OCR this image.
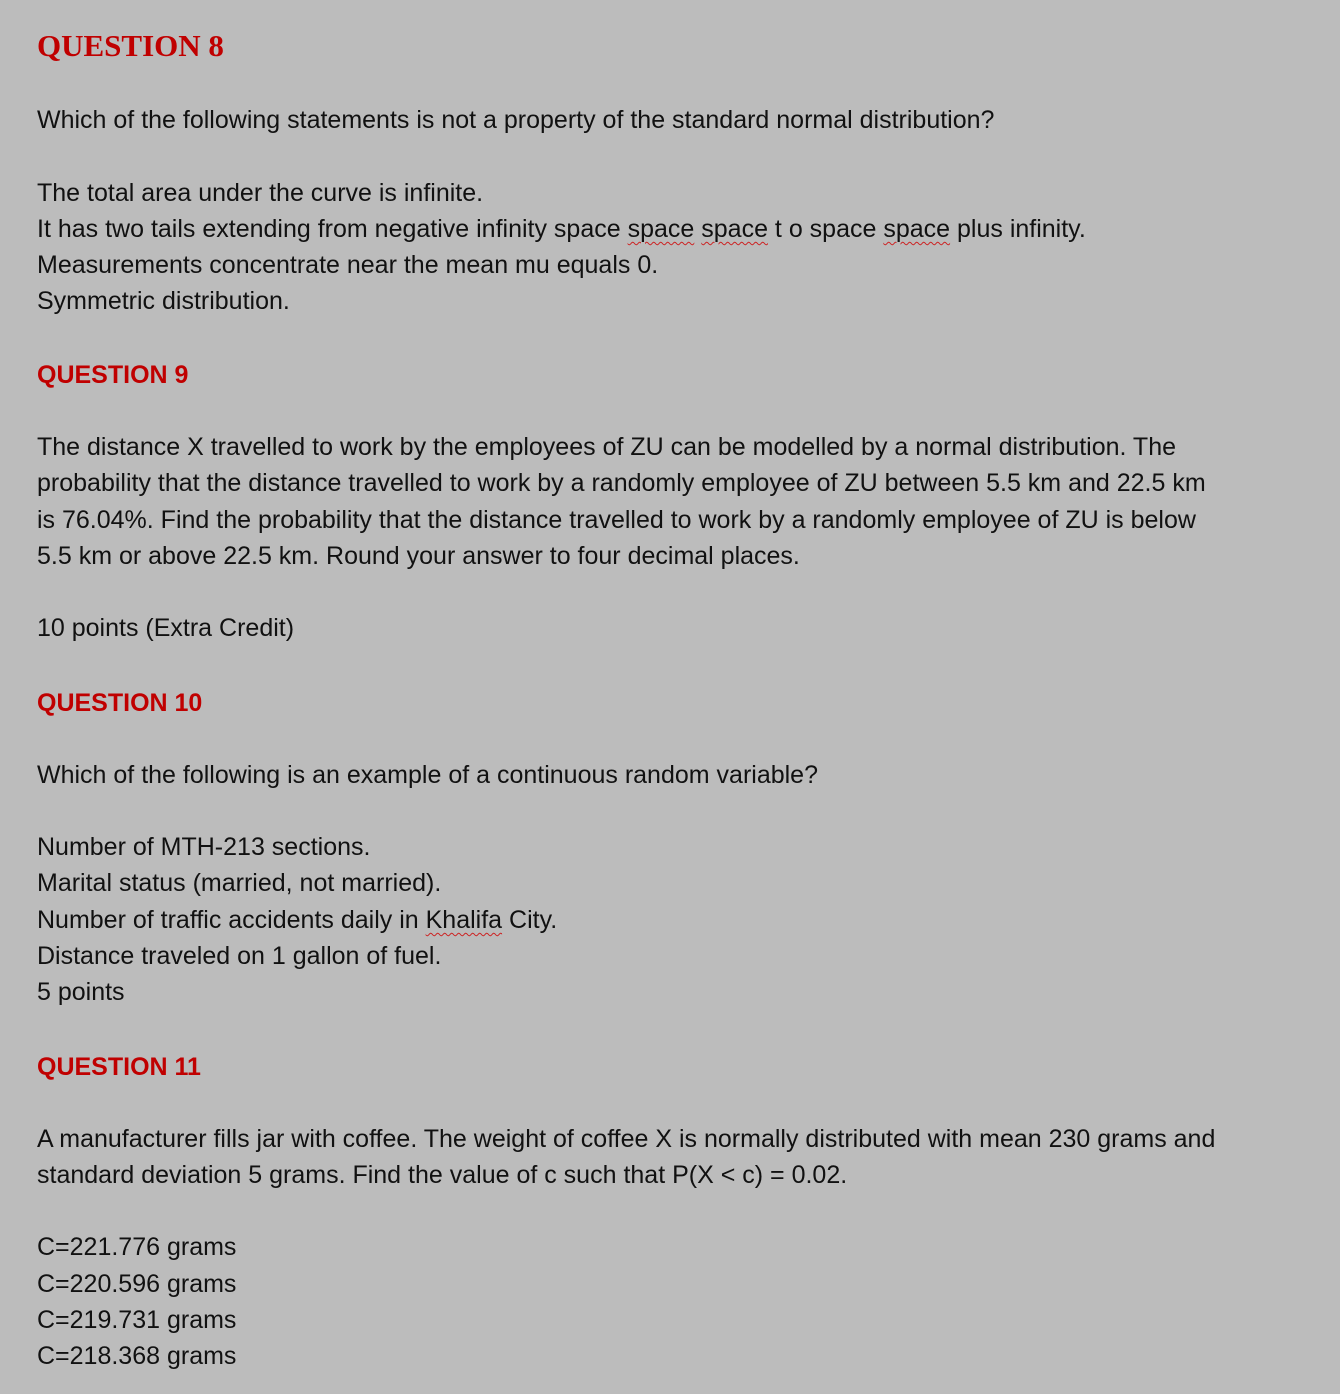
QUESTION 8

Which of the following statements is not a property of the standard normal distribution?

The total area under the curve is infinite.

It has two tails extending from negative infinity space space space t o space space plus infinity.

Measurements concentrate near the mean mu equals 0.

Symmetric distribution.

QUESTION 9

The distance X travelled to work by the employees of ZU can be modelled by a normal distribution. The

probability that the distance travelled to work by a randomly employee of ZU between 5.5 km and 22.5 km

is 76.04%. Find the probability that the distance travelled to work by a randomly employee of ZU is below

5.5 km or above 22.5 km. Round your answer to four decimal places.

10 points (Extra Credit)

QUESTION 10

Which of the following is an example of a continuous random variable?

Number of MTH-213 sections.

Marital status (married, not married).

Number of traffic accidents daily in Khalifa City.

Distance traveled on 1 gallon of fuel.

5 points

QUESTION 11

A manufacturer fills jar with coffee. The weight of coffee X is normally distributed with mean 230 grams and

standard deviation 5 grams. Find the value of c such that P(X < c) = 0.02.

C=221.776 grams

C=220.596 grams

C=219.731 grams

C=218.368 grams
